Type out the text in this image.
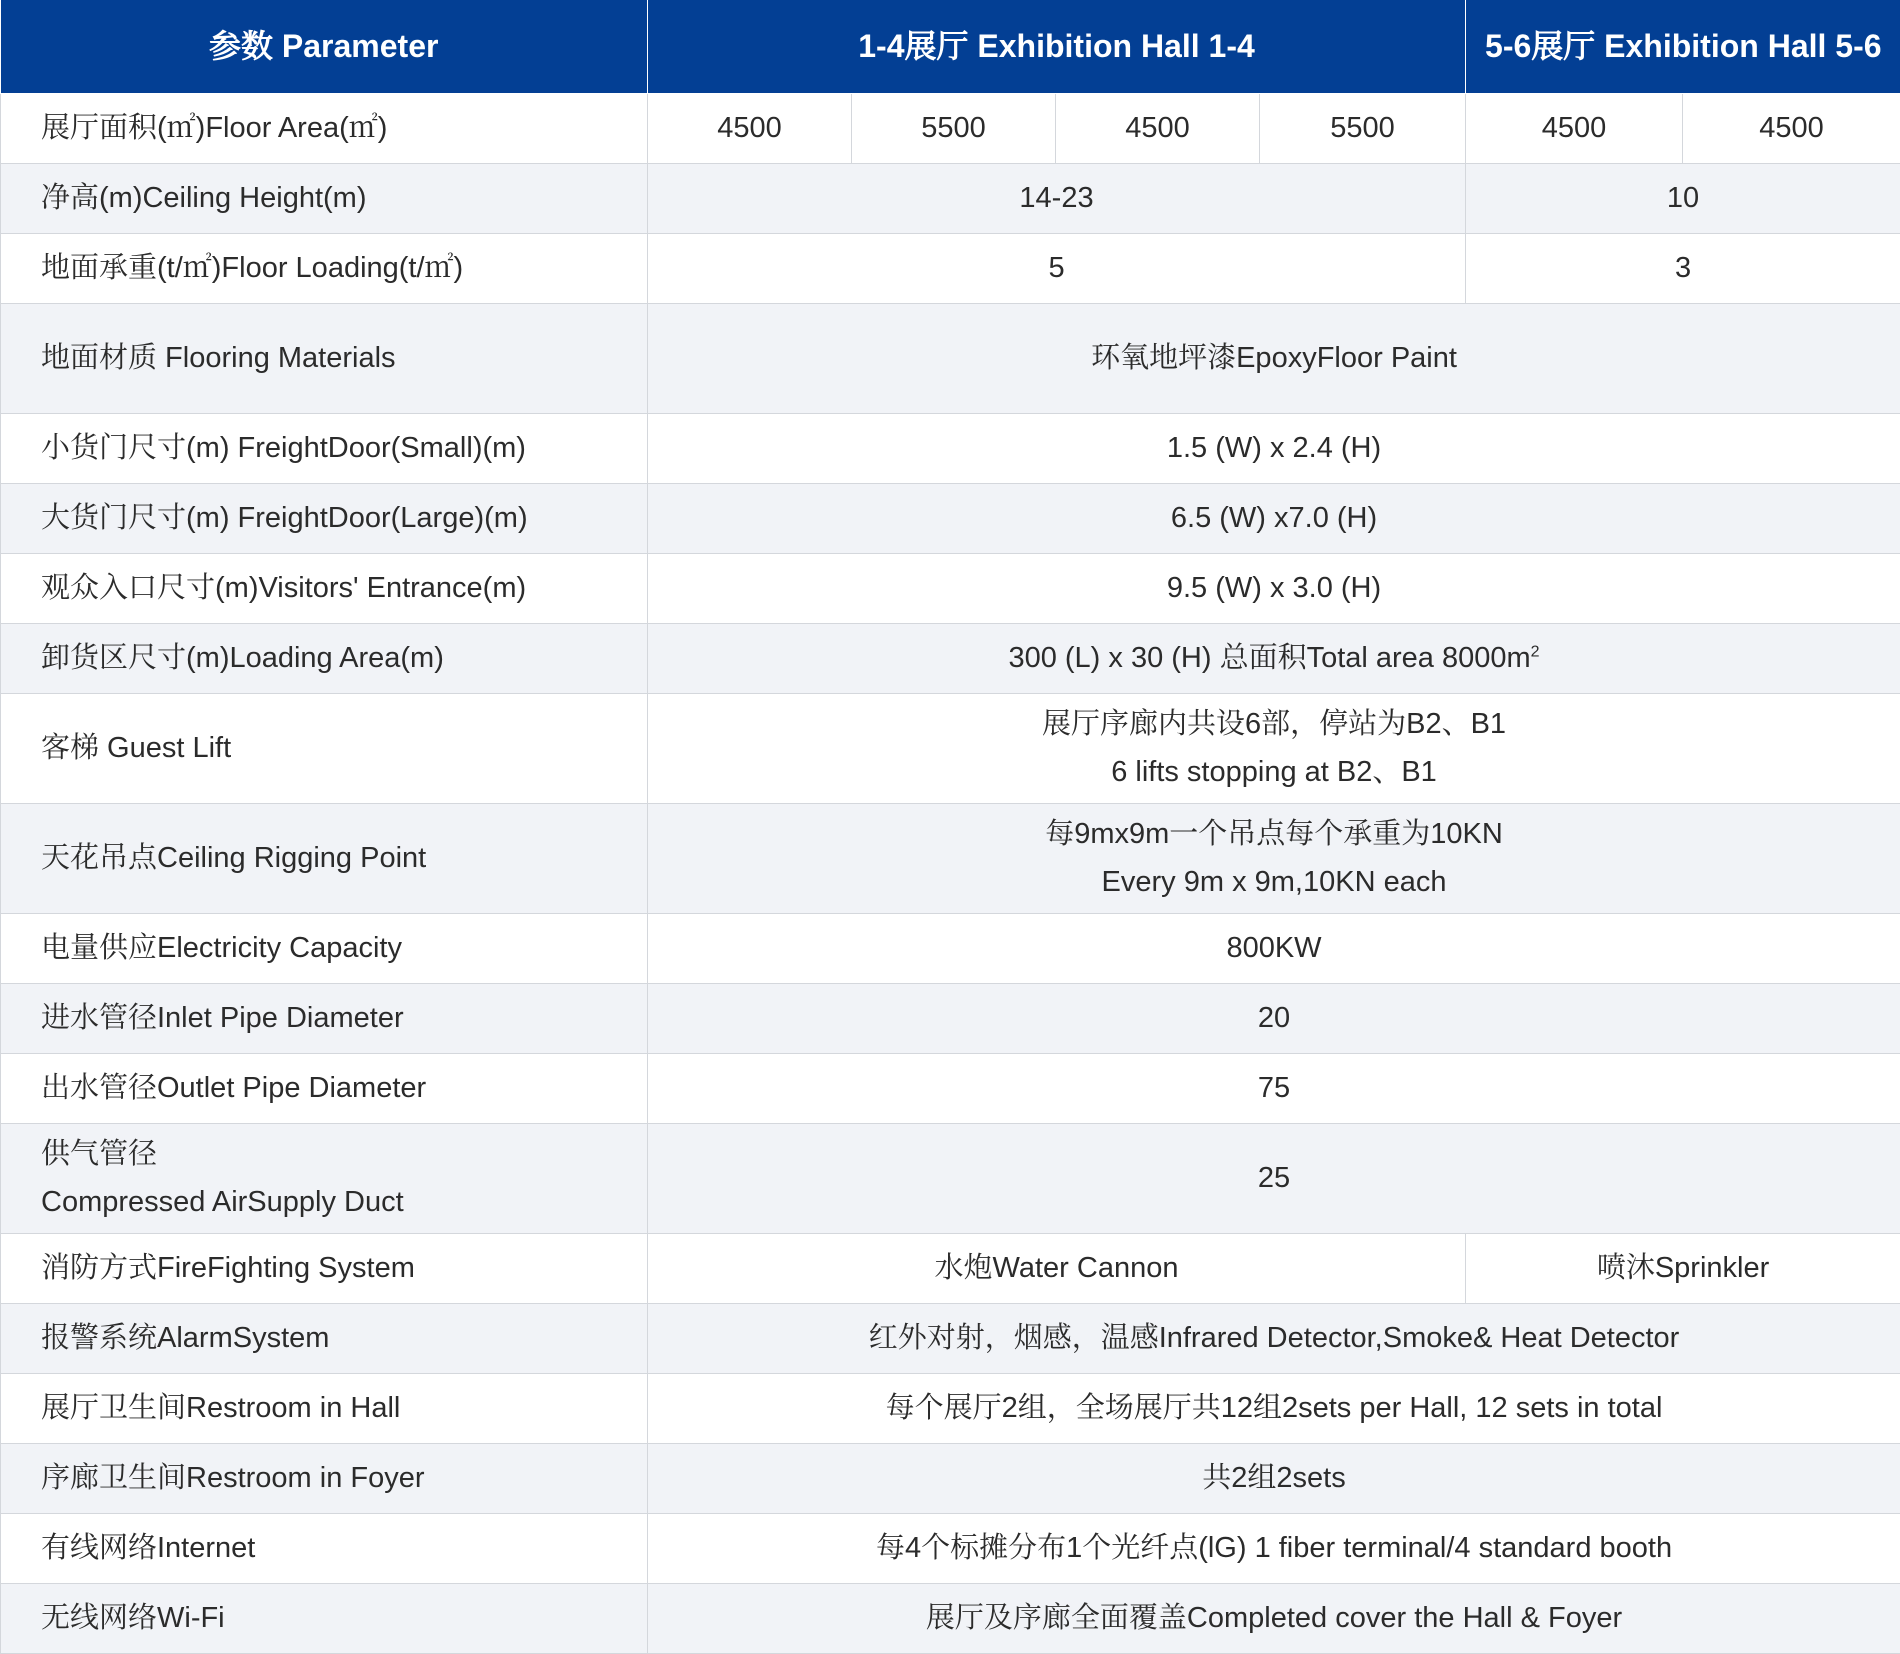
参数 Parameter	1-4展厅 Exhibition Hall 1-4				5-6展厅 Exhibition Hall 5-6	
展厅面积(㎡)Floor Area(㎡)	4500	5500	4500	5500	4500	4500
净高(m)Ceiling Height(m)	14-23				10	
地面承重(t/㎡)Floor Loading(t/㎡)	5				3	
地面材质 Flooring Materials	环氧地坪漆EpoxyFloor Paint					
小货门尺寸(m) FreightDoor(Small)(m)	1.5 (W) x 2.4 (H)					
大货门尺寸(m) FreightDoor(Large)(m)	6.5 (W) x7.0 (H)					
观众入口尺寸(m)Visitors' Entrance(m)	9.5 (W) x 3.0 (H)					
卸货区尺寸(m)Loading Area(m)	300 (L) x 30 (H) 总面积Total area $8000m^2$
客梯 Guest Lift	展厅序廊内共设6部，停站为B2、B1
6 lifts stopping at B2、B1					

天花吊点Ceiling Rigging Point	每9mx9m一个吊点每个承重为10KN
Every 9m x 9m,10KN each					

电量供应Electricity Capacity	800KW					
进水管径Inlet Pipe Diameter	20					
出水管径Outlet Pipe Diameter	75					

供气管径
Compressed AirSupply Duct	25					
消防方式FireFighting System	水炮Water Cannon				喷沐Sprinkler	
报警系统AlarmSystem	红外对射，烟感，温感Infrared Detector,Smoke& Heat Detector					
展厅卫生间Restroom in Hall	每个展厅2组，全场展厅共12组2sets per Hall, 12 sets in total					
序廊卫生间Restroom in Foyer	共2组2sets					
有线网络Internet	每4个标摊分布1个光纤点(lG) 1 fiber terminal/4 standard booth					
无线网络Wi-Fi	展厅及序廊全面覆盖Completed cover the Hall & Foyer					
